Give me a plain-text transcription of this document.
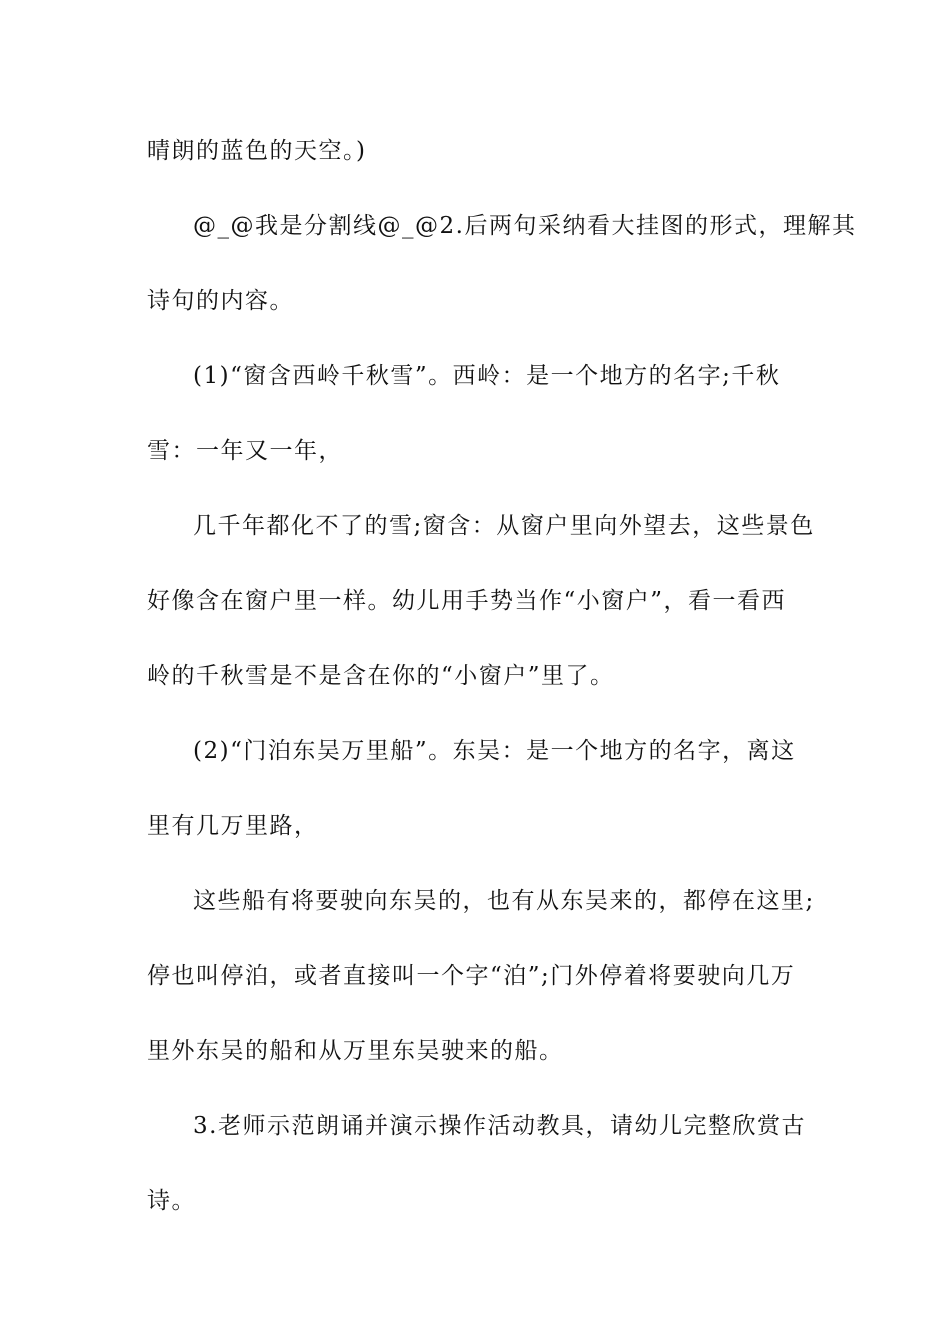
晴朗的蓝色的天空。)
@_@我是分割线@_@2.后两句采纳看大挂图的形式，理解其
诗句的内容。
(1)“窗含西岭千秋雪”。西岭：是一个地方的名字;千秋
雪：一年又一年，
几千年都化不了的雪;窗含：从窗户里向外望去，这些景色
好像含在窗户里一样。幼儿用手势当作“小窗户”，看一看西
岭的千秋雪是不是含在你的“小窗户”里了。
(2)“门泊东吴万里船”。东吴：是一个地方的名字，离这
里有几万里路，
这些船有将要驶向东吴的，也有从东吴来的，都停在这里;
停也叫停泊，或者直接叫一个字“泊”;门外停着将要驶向几万
里外东吴的船和从万里东吴驶来的船。
3.老师示范朗诵并演示操作活动教具，请幼儿完整欣赏古
诗。
